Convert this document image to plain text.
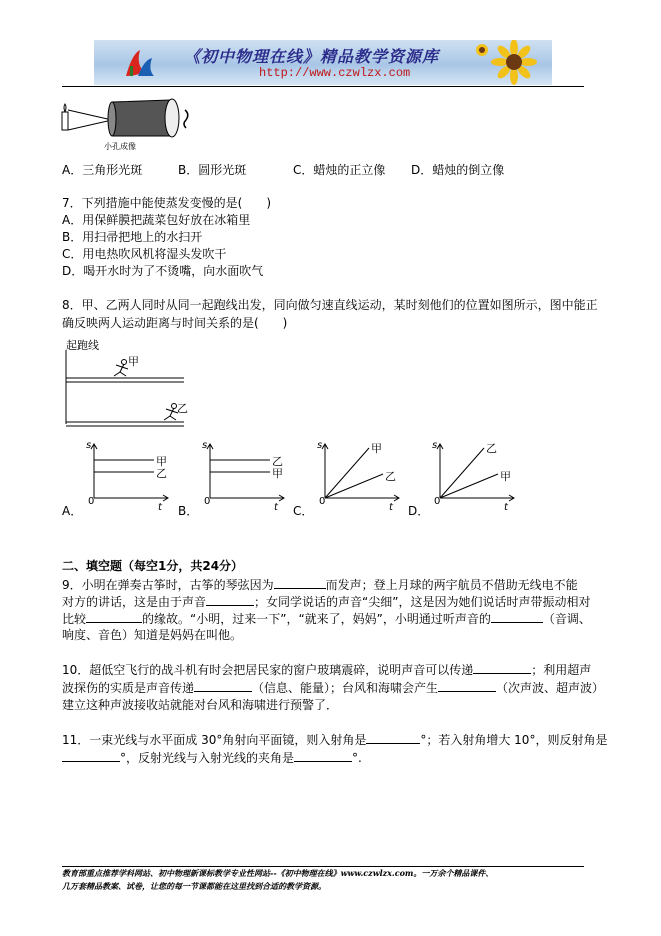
《初中物理在线》精品教学资源库
http://www.czwlzx.com
小孔成像
A．三角形光斑	B．圆形光斑	C．蜡烛的正立像 D．蜡烛的倒立像
7．下列措施中能使蒸发变慢的是(　　)
A．用保鲜膜把蔬菜包好放在冰箱里
B．用扫帚把地上的水扫开
C．用电热吹风机将湿头发吹干
D．喝开水时为了不烫嘴，向水面吹气
8．甲、乙两人同时从同一起跑线出发，同向做匀速直线运动，某时刻他们的位置如图所示，图中能正
确反映两人运动距离与时间关系的是(　　)
起跑线
甲
乙
s
t
0
甲
乙
A．
s
t
0
乙
甲
B．
s
t
0
甲
乙
C．
s
t
0
乙
甲
D．
二、填空题（每空1分，共24分）
9．小明在弹奏古筝时，古筝的琴弦因为	而发声；登上月球的两宇航员不借助无线电不能
对方的讲话，这是由于声音	；女同学说话的声音“尖细”，这是因为她们说话时声带振动相对
比较	的缘故。“小明，过来一下”，“就来了，妈妈”，小明通过听声音的	（音调、
响度、音色）知道是妈妈在叫他。
10．超低空飞行的战斗机有时会把居民家的窗户玻璃震碎，说明声音可以传递	；利用超声
波探伤的实质是声音传递	（信息、能量）；台风和海啸会产生	（次声波、超声波）
建立这种声波接收站就能对台风和海啸进行预警了．
11．一束光线与水平面成 30°角射向平面镜，则入射角是	°；若入射角增大 10°，则反射角是
°，反射光线与入射光线的夹角是	°.
教育部重点推荐学科网站、初中物理新课标教学专业性网站--《初中物理在线》www.czwlzx.com。一万余个精品课件、
几万套精品教案、试卷，让您的每一节课都能在这里找到合适的教学资源。
